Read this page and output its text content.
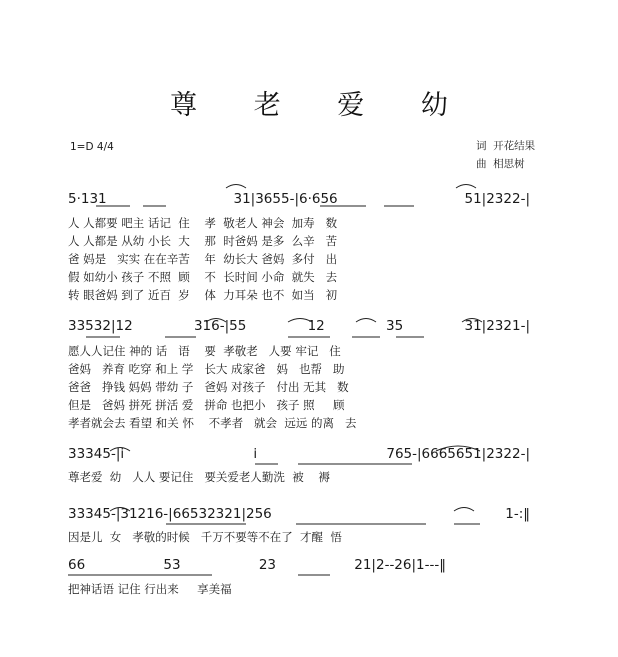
尊 老 爱 幼
1=D 4/4	词  开花结果
曲  相思树
5·131 31|3655-|6·656 51|2322-|
人 人都要 吧主 话记  住    孝  敬老人 神会  加寿   数
人 人都是 从幼 小长  大    那  时爸妈 是多  么辛   苦
爸 妈是   实实 在在辛苦    年  幼长大 爸妈  多付   出
假 如幼小 孩子 不照  顾    不  长时间 小命  就失   去
转 眼爸妈 到了 近百  岁    体  力耳朵 也不  如当   初
33532|12 316-|55 12 35 31|2321-|
愿人人记住 神的 话   语    要  孝敬老   人要 牢记   住
爸妈   养育 吃穿 和上 学   长大 成家爸   妈   也帮   助
爸爸   挣钱 妈妈 带幼 子   爸妈 对孩子   付出 无其   数
但是   爸妈 拼死 拼活 爱   拼命 也把小   孩子 照     顾
孝者就会去 看望 和关 怀    不孝者   就会  远远 的离   去
33345-|i i 765-|6665651|2322-|
尊老爱  幼   人人 要记住   要关爱老人勤洗  被    褥
33345-|31216-|66532321|256 1-:‖
因是儿  女   孝敬的时候   千万不要等不在了  才醒  悟
66 53 23 21|2--26|1---‖
把神话语 记住 行出来     享美福
